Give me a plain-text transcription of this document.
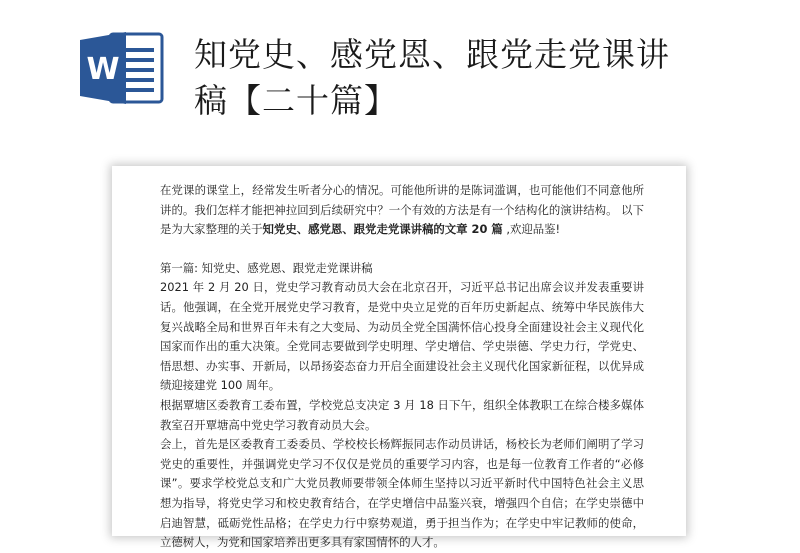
W 知党史、感党恩、跟党走党课讲
稿【二十篇】

在党课的课堂上，经常发生听者分心的情况。可能他所讲的是陈词滥调，也可能他们不同意他所讲的。我们怎样才能把神拉回到后续研究中？一个有效的方法是有一个结构化的演讲结构。 以下是为大家整理的关于知党史、感党恩、跟党走党课讲稿的文章 20 篇 ,欢迎品鉴!

第一篇: 知党史、感党恩、跟党走党课讲稿

2021 年 2 月 20 日，党史学习教育动员大会在北京召开，习近平总书记出席会议并发表重要讲话。他强调，在全党开展党史学习教育，是党中央立足党的百年历史新起点、统筹中华民族伟大复兴战略全局和世界百年未有之大变局、为动员全党全国满怀信心投身全面建设社会主义现代化国家而作出的重大决策。全党同志要做到学史明理、学史增信、学史崇德、学史力行，学党史、悟思想、办实事、开新局，以昂扬姿态奋力开启全面建设社会主义现代化国家新征程，以优异成绩迎接建党 100 周年。

根据覃塘区委教育工委布置，学校党总支决定 3 月 18 日下午，组织全体教职工在综合楼多媒体教室召开覃塘高中党史学习教育动员大会。

会上，首先是区委教育工委委员、学校校长杨辉振同志作动员讲话，杨校长为老师们阐明了学习党史的重要性，并强调党史学习不仅仅是党员的重要学习内容，也是每一位教育工作者的“必修课”。要求学校党总支和广大党员教师要带领全体师生坚持以习近平新时代中国特色社会主义思想为指导，将党史学习和校史教育结合，在学史增信中品鉴兴衰，增强四个自信；在学史崇德中启迪智慧，砥砺党性品格；在学史力行中察势观道，勇于担当作为；在学史中牢记教师的使命，立德树人，为党和国家培养出更多具有家国情怀的人才。
